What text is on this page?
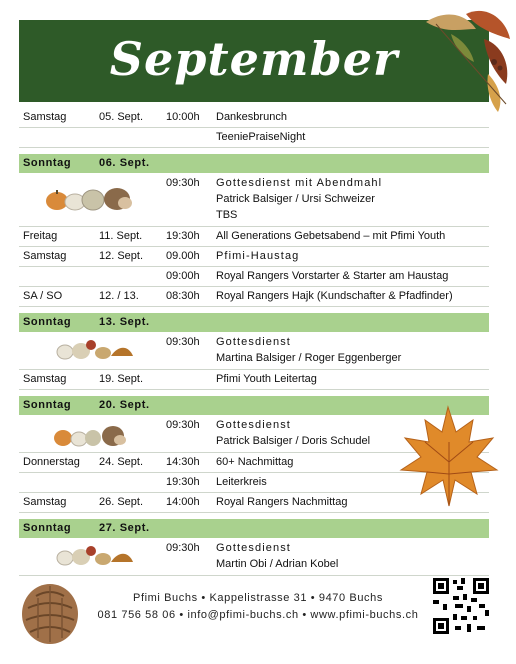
September
Samstag	05. Sept. 10:00h Dankesbrunch
TeeniePraiseNight
Sonntag	06. Sept.
09:30h Gottesdienst mit Abendmahl
Patrick Balsiger / Ursi Schweizer
TBS
Freitag	11. Sept. 19:30h All Generations Gebetsabend – mit Pfimi Youth
Samstag	12. Sept. 09.00h Pfimi-Haustag
09:00h Royal Rangers Vorstarter & Starter am Haustag
SA / SO	12. / 13. 08:30h Royal Rangers Hajk (Kundschafter & Pfadfinder)
Sonntag	13. Sept.
09:30h Gottesdienst
Martina Balsiger / Roger Eggenberger
Samstag	19. Sept.	Pfimi Youth Leitertag
Sonntag	20. Sept.
09:30h Gottesdienst
Patrick Balsiger / Doris Schudel
Donnerstag 24. Sept. 14:30h 60+ Nachmittag
19:30h Leiterkreis
Samstag	26. Sept. 14:00h Royal Rangers Nachmittag
Sonntag	27. Sept.
09:30h Gottesdienst
Martin Obi / Adrian Kobel
Pfimi Buchs • Kappelistrasse 31 • 9470 Buchs
081 756 58 06 • info@pfimi-buchs.ch • www.pfimi-buchs.ch
